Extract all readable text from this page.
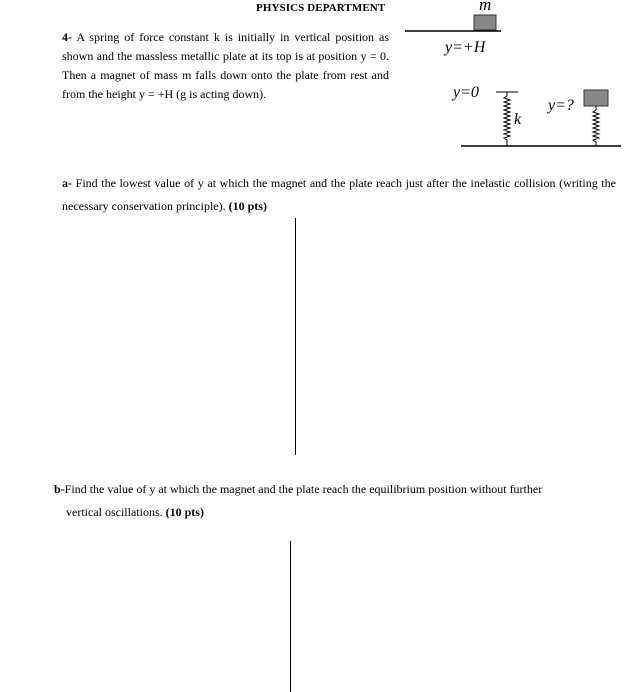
PHYSICS DEPARTMENT
4- A spring of force constant k is initially in vertical position as shown and the massless metallic plate at its top is at position y = 0. Then a magnet of mass m falls down onto the plate from rest and from the height y = +H (g is acting down).
m
y=+H
y=0
k
y=?
a- Find the lowest value of y at which the magnet and the plate reach just after the inelastic collision (writing the necessary conservation principle). (10 pts)
b-Find the value of y at which the magnet and the plate reach the equilibrium position without further
vertical oscillations. (10 pts)
